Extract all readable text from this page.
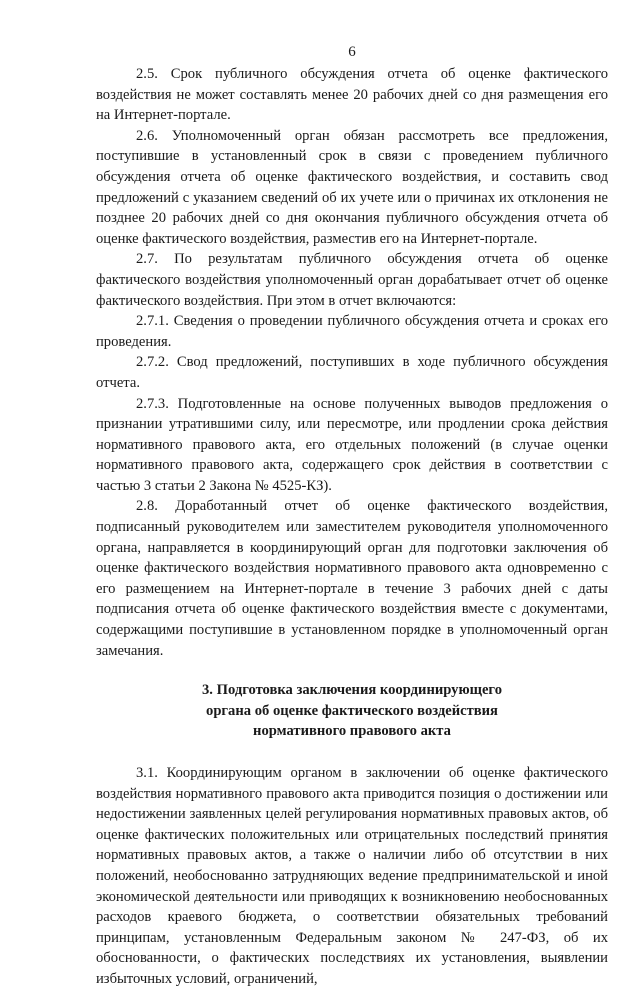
6

2.5. Срок публичного обсуждения отчета об оценке фактического воздействия не может составлять менее 20 рабочих дней со дня размещения его на Интернет-портале.

2.6. Уполномоченный орган обязан рассмотреть все предложения, поступившие в установленный срок в связи с проведением публичного обсуждения отчета об оценке фактического воздействия, и составить свод предложений с указанием сведений об их учете или о причинах их отклонения не позднее 20 рабочих дней со дня окончания публичного обсуждения отчета об оценке фактического воздействия, разместив его на Интернет-портале.

2.7. По результатам публичного обсуждения отчета об оценке фактического воздействия уполномоченный орган дорабатывает отчет об оценке фактического воздействия. При этом в отчет включаются:

2.7.1. Сведения о проведении публичного обсуждения отчета и сроках его проведения.

2.7.2. Свод предложений, поступивших в ходе публичного обсуждения отчета.

2.7.3. Подготовленные на основе полученных выводов предложения о признании утратившими силу, или пересмотре, или продлении срока действия нормативного правового акта, его отдельных положений (в случае оценки нормативного правового акта, содержащего срок действия в соответствии с частью 3 статьи 2 Закона № 4525-КЗ).

2.8. Доработанный отчет об оценке фактического воздействия, подписанный руководителем или заместителем руководителя уполномоченного органа, направляется в координирующий орган для подготовки заключения об оценке фактического воздействия нормативного правового акта одновременно с его размещением на Интернет-портале в течение 3 рабочих дней с даты подписания отчета об оценке фактического воздействия вместе с документами, содержащими поступившие в установленном порядке в уполномоченный орган замечания.

3. Подготовка заключения координирующего
органа об оценке фактического воздействия
нормативного правового акта

3.1. Координирующим органом в заключении об оценке фактического воздействия нормативного правового акта приводится позиция о достижении или недостижении заявленных целей регулирования нормативных правовых актов, об оценке фактических положительных или отрицательных последствий принятия нормативных правовых актов, а также о наличии либо об отсутствии в них положений, необоснованно затрудняющих ведение предпринимательской и иной экономической деятельности или приводящих к возникновению необоснованных расходов краевого бюджета, о соответствии обязательных требований принципам, установленным Федеральным законом № 247-ФЗ, об их обоснованности, о фактических последствиях их установления, выявлении избыточных условий, ограничений,
